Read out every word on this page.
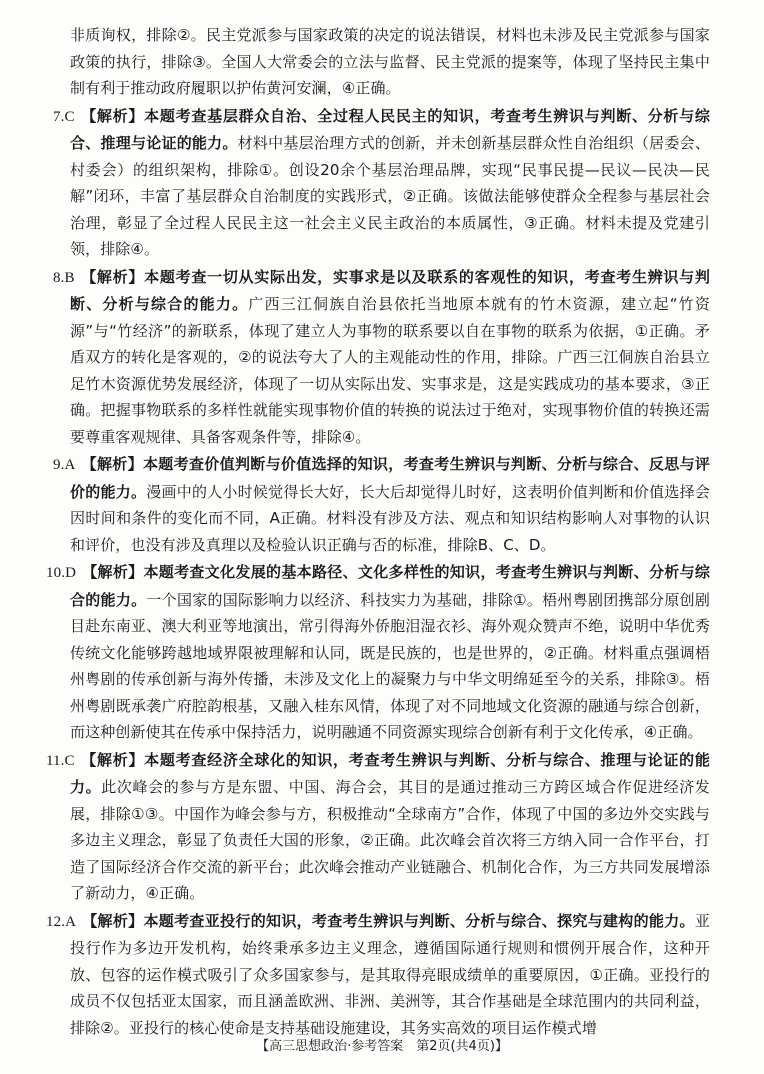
非质询权，排除②。民主党派参与国家政策的决定的说法错误，材料也未涉及民主党派参与国家政策的执行，排除③。全国人大常委会的立法与监督、民主党派的提案等，体现了坚持民主集中制有利于推动政府履职以护佑黄河安澜，④正确。

7.C 【解析】本题考查基层群众自治、全过程人民民主的知识，考查考生辨识与判断、分析与综合、推理与论证的能力。材料中基层治理方式的创新，并未创新基层群众性自治组织（居委会、村委会）的组织架构，排除①。创设20余个基层治理品牌，实现“民事民提—民议—民决—民解”闭环，丰富了基层群众自治制度的实践形式，②正确。该做法能够使群众全程参与基层社会治理，彰显了全过程人民民主这一社会主义民主政治的本质属性，③正确。材料未提及党建引领，排除④。

8.B 【解析】本题考查一切从实际出发，实事求是以及联系的客观性的知识，考查考生辨识与判断、分析与综合的能力。广西三江侗族自治县依托当地原本就有的竹木资源，建立起“竹资源”与“竹经济”的新联系，体现了建立人为事物的联系要以自在事物的联系为依据，①正确。矛盾双方的转化是客观的，②的说法夸大了人的主观能动性的作用，排除。广西三江侗族自治县立足竹木资源优势发展经济，体现了一切从实际出发、实事求是，这是实践成功的基本要求，③正确。把握事物联系的多样性就能实现事物价值的转换的说法过于绝对，实现事物价值的转换还需要尊重客观规律、具备客观条件等，排除④。

9.A 【解析】本题考查价值判断与价值选择的知识，考查考生辨识与判断、分析与综合、反思与评价的能力。漫画中的人小时候觉得长大好，长大后却觉得儿时好，这表明价值判断和价值选择会因时间和条件的变化而不同，A正确。材料没有涉及方法、观点和知识结构影响人对事物的认识和评价，也没有涉及真理以及检验认识正确与否的标准，排除B、C、D。

10.D 【解析】本题考查文化发展的基本路径、文化多样性的知识，考查考生辨识与判断、分析与综合的能力。一个国家的国际影响力以经济、科技实力为基础，排除①。梧州粤剧团携部分原创剧目赴东南亚、澳大利亚等地演出，常引得海外侨胞泪湿衣衫、海外观众赞声不绝，说明中华优秀传统文化能够跨越地域界限被理解和认同，既是民族的，也是世界的，②正确。材料重点强调梧州粤剧的传承创新与海外传播，未涉及文化上的凝聚力与中华文明绵延至今的关系，排除③。梧州粤剧既承袭广府腔韵根基，又融入桂东风情，体现了对不同地域文化资源的融通与综合创新，而这种创新使其在传承中保持活力，说明融通不同资源实现综合创新有利于文化传承，④正确。

11.C 【解析】本题考查经济全球化的知识，考查考生辨识与判断、分析与综合、推理与论证的能力。此次峰会的参与方是东盟、中国、海合会，其目的是通过推动三方跨区域合作促进经济发展，排除①③。中国作为峰会参与方，积极推动“全球南方”合作，体现了中国的多边外交实践与多边主义理念，彰显了负责任大国的形象，②正确。此次峰会首次将三方纳入同一合作平台，打造了国际经济合作交流的新平台；此次峰会推动产业链融合、机制化合作，为三方共同发展增添了新动力，④正确。

12.A 【解析】本题考查亚投行的知识，考查考生辨识与判断、分析与综合、探究与建构的能力。亚投行作为多边开发机构，始终秉承多边主义理念，遵循国际通行规则和惯例开展合作，这种开放、包容的运作模式吸引了众多国家参与，是其取得亮眼成绩单的重要原因，①正确。亚投行的成员不仅包括亚太国家，而且涵盖欧洲、非洲、美洲等，其合作基础是全球范围内的共同利益，排除②。亚投行的核心使命是支持基础设施建设，其务实高效的项目运作模式增

【高三思想政治·参考答案　第2页(共4页)】
